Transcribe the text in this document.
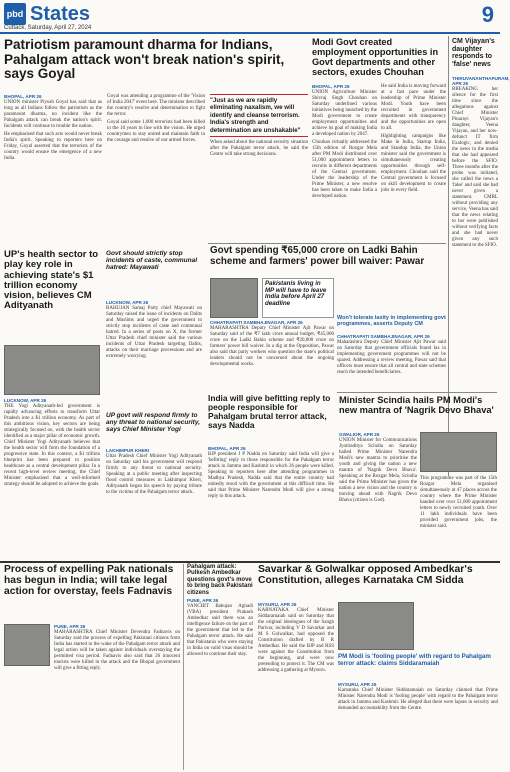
pbd States
Cuttack, Saturday, April 27, 2024
9
Patriotism paramount dharma for Indians, Pahalgam attack won't break nation's spirit, says Goyal
BHOPAL, APR 26
UNION minister Piyush Goyal has said that as long as all Indians follow the patriotism as the paramount dharma, no incident like the Pahalgam attack can break the nation's spirit. Incidents will continue to trouble the nation.
He emphasised that such acts would never break India's spirit. Speaking to reporters here on Friday, Goyal asserted that the terrorists of the country would ensure the emergence of a new India.
Goyal was attending a programme of the 'Vision of India 2047' event here. The minister described the country's resolve and determination to fight the terror.
Goyal said some 1,000 terrorists had been killed in the 10 years in line with the vision. He urged countrymen to stay united and maintain faith in the courage and resolve of our armed forces.
"Just as we are rapidly eliminating naxalism, we will identify and cleanse terrorism. India's strength and determination are unshakable"
When asked about the national security situation after the Pahalgam terror attack, he said the Centre will take strong decisions.
UP's health sector to play key role in achieving state's $1 trillion economy vision, believes CM Adityanath
LUCKNOW, APR 26
THE Yogi Adityanath-led government is rapidly advancing efforts to transform Uttar Pradesh into a $1 trillion economy. As part of this ambitious vision, key sectors are being strategically focused on, with the health sector identified as a major pillar of economic growth. Chief Minister Yogi Adityanath believes that the health sector will form the foundation of a progressive state. In this context, a $1 trillion blueprint has been prepared to position healthcare as a central development pillar. In a recent high-level review meeting, the Chief Minister emphasised that a well-informed strategy should be adopted to achieve the goals.
Govt should strictly stop incidents of caste, communal hatred: Mayawati
LUCKNOW, APR 26
BAHUJAN Samaj Party chief Mayawati on Saturday raised the issue of incidents on Dalits and Muslims and urged the government to strictly stop incidents of caste and communal hatred. In a series of posts on X, the former Uttar Pradesh chief minister said the various incidents of Uttar Pradesh targeting Dalits, attacks on their marriage processions and are extremely worrying.
UP govt will respond firmly to any threat to national security, says Chief Minister Yogi
LAKHIMPUR KHERI
Uttar Pradesh Chief Minister Yogi Adityanath on Saturday said his government will respond firmly to any threat to national security. Speaking at a public meeting after inspecting flood control measures in Lakhimpur Kheri, Adityanath began his speech by paying tribute to the victims of the Pahalgam terror attack.
Modi Govt created employment opportunities in Govt departments and other sectors, exudes Chouhan
BHOPAL, APR 26
UNION Agriculture Minister Shivraj Singh Chouhan on Saturday underlined various initiatives being launched by the Modi government to create employment opportunities and achieve its goal of making India a developed nation by 2047.
Chouhan virtually addressed the 15th edition of Rozgar Mela after PM Modi distributed over 51,000 appointment letters to recruits in different departments of the Central government. Under the leadership of the Prime Minister, a new resolve has been taken to make India a developed nation.
He said India is moving forward at a fast pace under the leadership of Prime Minister Modi. Youth have been recruited in government departments with transparency and the opportunities are open to all.
Highlighting campaigns like Make in India, Startup India, and Standup India, the Union minister said the government is simultaneously creating opportunities through self-employment. Chouhan said the Central government is focused on skill development to create jobs in every field.
CM Vijayan's daughter responds to 'false' news
THIRUVANANTHAPURAM, APR 26
BREAKING her silence for the first time since the allegations against Chief Minister Pinarayi Vijayan's daughter, Veena Vijayan, and her now-defunct IT firm Exalogic, and denied the news in the media that she had appeared before the SFIO. Three months after the probe was initiated, she called the news a 'false' and said she had never given a statement. CMRL without providing any service, Veena has said that the news relating to her were published without verifying facts and she had never given any such statement to the SFIO.
Govt spending ₹65,000 crore on Ladki Bahin scheme and farmers' power bill waiver: Pawar
CHHATRAPATI SAMBHAJINAGAR, APR 26
MAHARASHTRA Deputy Chief Minister Ajit Pawar on Saturday said of the ₹7 lakh crore annual budget, ₹45,000 crore on the Ladki Bahin scheme and ₹20,000 crore on farmers' power bill waiver. In a dig at the Opposition, Pawar also said that party workers who question the state's political leaders should not be concerned about the ongoing developmental works.
Won't tolerate laxity in implementing govt programmes, asserts Deputy CM
CHHATRAPATI SAMBHAJINAGAR, APR 26
Maharashtra Deputy Chief Minister Ajit Pawar said on Saturday that government officials found lax in implementing government programmes will not be spared. Addressing a review meeting, Pawar said that officers must ensure that all central and state schemes reach the intended beneficiaries.
Pakistanis living in MP will have to leave India before April 27 deadline
India will give befitting reply to people responsible for Pahalgam brutal terror attack, says Nadda
BHOPAL, APR 26
BJP president J P Nadda on Saturday said India will give a 'befitting' reply to those responsible for the Pahalgam terror attack in Jammu and Kashmir in which 26 people were killed. Speaking to reporters here after attending programmes in Madhya Pradesh, Nadda said that the entire country had unitedly stood with the government at this difficult time. He said that Prime Minister Narendra Modi will give a strong reply to this attack.
Minister Scindia hails PM Modi's new mantra of 'Nagrik Devo Bhava'
GWALIOR, APR 26
UNION Minister for Communications Jyotiraditya Scindia on Saturday hailed Prime Minister Narendra Modi's new mantra to prioritise the youth and giving the nation a new mantra of 'Nagrik Devo Bhava'. Speaking at the Rozgar Mela, Scindia said the Prime Minister has given the nation a new vision and the country is moving ahead with Nagrik Devo Bhava (citizen is God).
This programme was part of the 15th Rozgar Mela organised simultaneously at 47 places across the country where the Prime Minister handed over over 51,000 appointment letters to newly recruited youth. Over 11 lakh individuals have been provided government jobs, the minister said.
Process of expelling Pak nationals has begun in India; will take legal action for overstay, feels Fadnavis
PUNE, APR 26
MAHARASHTRA Chief Minister Devendra Fadnavis on Saturday said the process of expelling Pakistani citizens from India has started in the wake of the Pahalgam terror attack and legal action will be taken against individuals overstaying the permitted visa period. Fadnavis also said that 26 innocent tourists were killed in the attack and the Bhopal government will give a fitting reply.
Pahalgam attack: Pulkesh Ambedkar questions govt's move to bring back Pakistani citizens
PUNE, APR 26
VANCHIT Bahujan Aghadi (VBA) president Prakash Ambedkar said there was an intelligence failure on the part of the government that led to the Pahalgam terror attack. He said that Pakistanis who were staying in India on valid visas should be allowed to continue their stay.
Savarkar & Golwalkar opposed Ambedkar's Constitution, alleges Karnataka CM Sidda
MYSURU, APR 26
KARNATAKA Chief Minister Siddaramaiah said on Saturday that the original ideologues of the Sangh Parivar, including V D Savarkar and M S Golwalkar, had opposed the Constitution drafted by B R Ambedkar. He said the BJP and RSS were against the Constitution from the beginning, and were now pretending to protect it. The CM was addressing a gathering at Mysuru.
PM Modi is 'fooling people' with regard to Pahalgam terror attack: claims Siddaramaiah
MYSURU, APR 26
Karnataka Chief Minister Siddaramaiah on Saturday claimed that Prime Minister Narendra Modi is 'fooling people' with regard to the Pahalgam terror attack in Jammu and Kashmir. He alleged that there were lapses in security and demanded accountability from the Centre.
